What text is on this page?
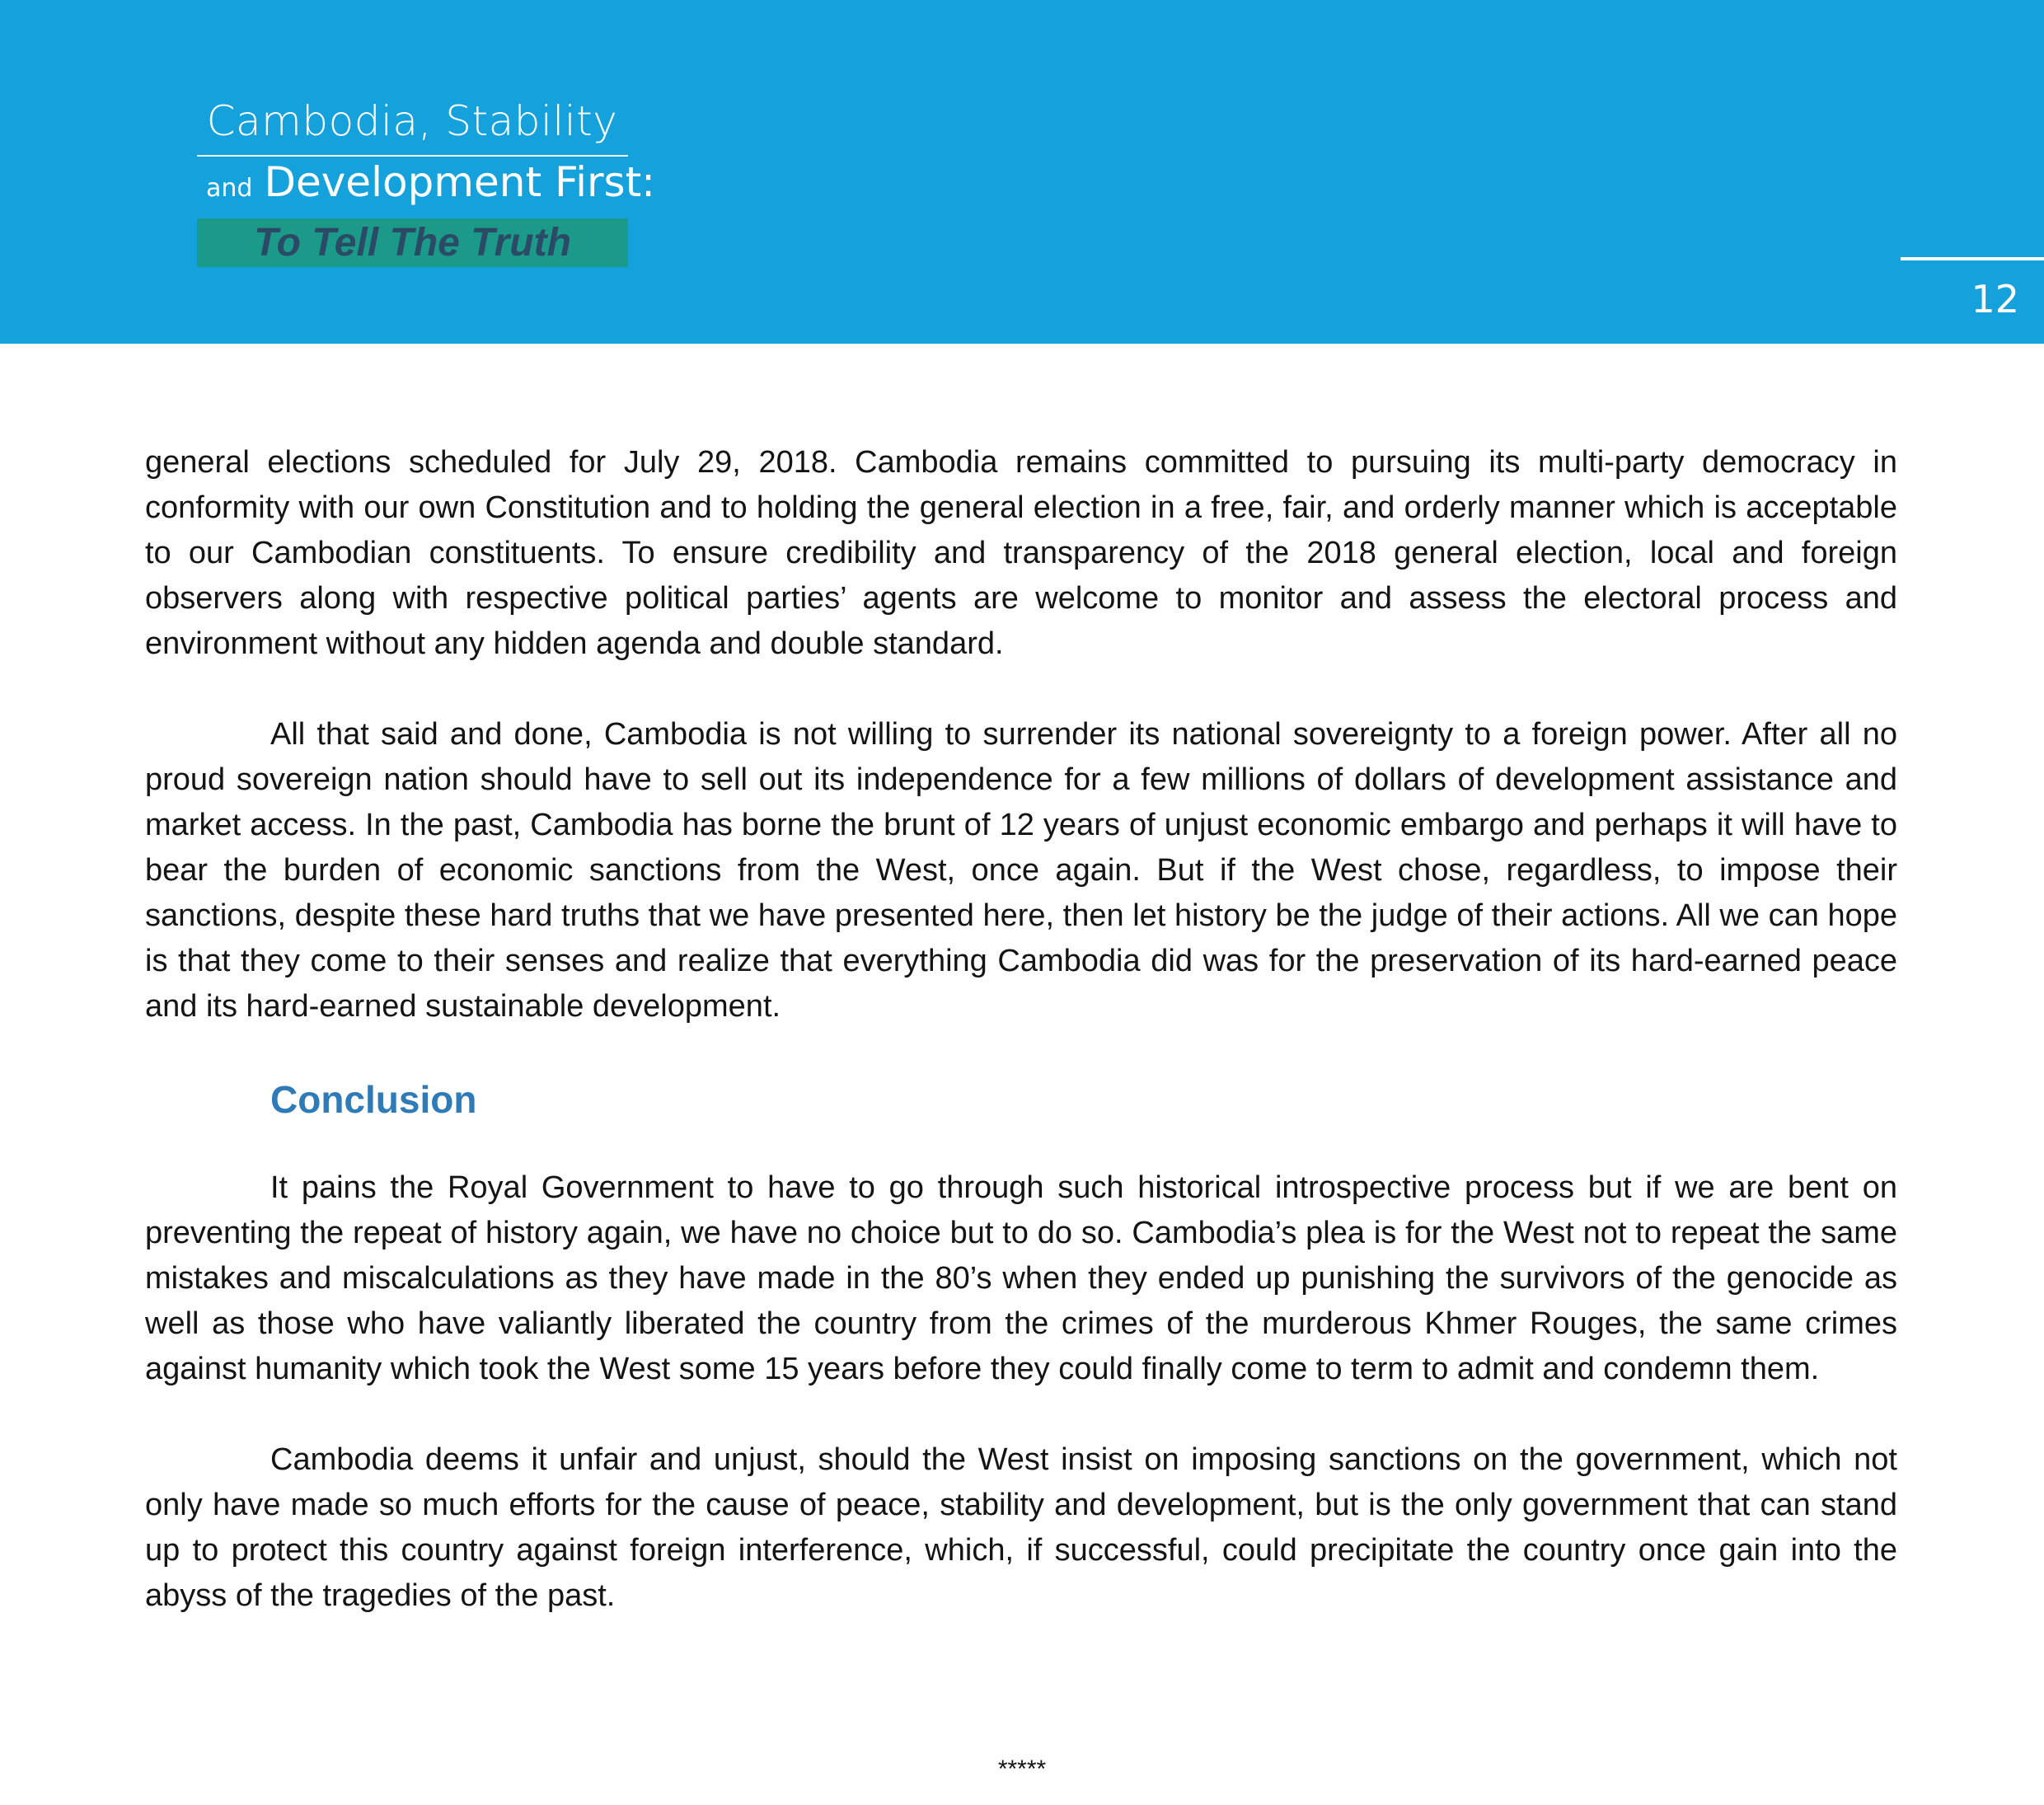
Cambodia, Stability
and Development First:
To Tell The Truth
12

general elections scheduled for July 29, 2018. Cambodia remains committed to pursuing its multi-party democracy in conformity with our own Constitution and to holding the general election in a free, fair, and orderly manner which is acceptable to our Cambodian constituents. To ensure credibility and transparency of the 2018 general election, local and foreign observers along with respective political parties’ agents are welcome to monitor and assess the electoral process and environment without any hidden agenda and double standard.

All that said and done, Cambodia is not willing to surrender its national sovereignty to a foreign power. After all no proud sovereign nation should have to sell out its independence for a few millions of dollars of development assistance and market access. In the past, Cambodia has borne the brunt of 12 years of unjust economic embargo and perhaps it will have to bear the burden of economic sanctions from the West, once again. But if the West chose, regardless, to impose their sanctions, despite these hard truths that we have presented here, then let history be the judge of their actions. All we can hope is that they come to their senses and realize that everything Cambodia did was for the preservation of its hard-earned peace and its hard-earned sustainable development.

Conclusion

It pains the Royal Government to have to go through such historical introspective process but if we are bent on preventing the repeat of history again, we have no choice but to do so. Cambodia’s plea is for the West not to repeat the same mistakes and miscalculations as they have made in the 80’s when they ended up punishing the survivors of the genocide as well as those who have valiantly liberated the country from the crimes of the murderous Khmer Rouges, the same crimes against humanity which took the West some 15 years before they could finally come to term to admit and condemn them.

Cambodia deems it unfair and unjust, should the West insist on imposing sanctions on the government, which not only have made so much efforts for the cause of peace, stability and development, but is the only government that can stand up to protect this country against foreign interference, which, if successful, could precipitate the country once gain into the abyss of the tragedies of the past.

*****
